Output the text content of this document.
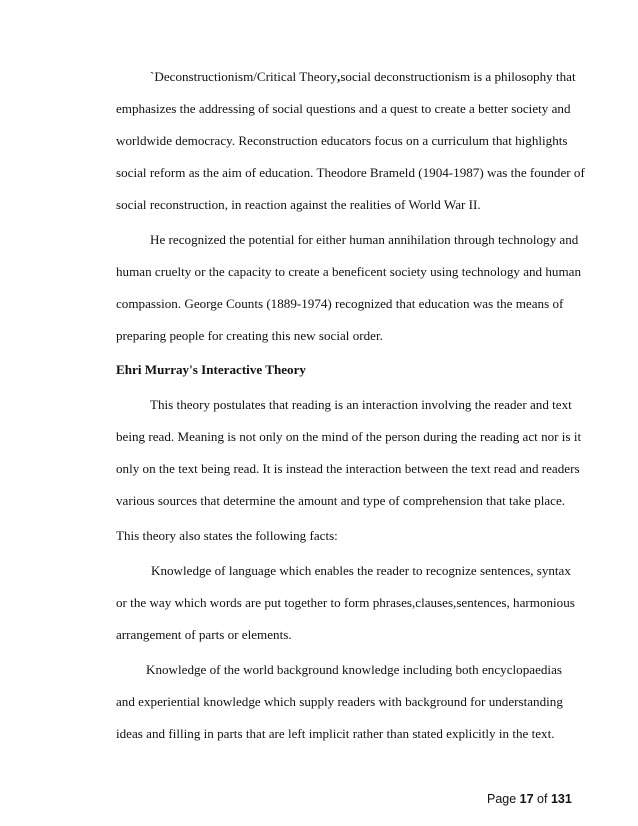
`Deconstructionism/Critical Theory,social deconstructionism is a philosophy that
emphasizes the addressing of social questions and a quest to create a better society and
worldwide democracy. Reconstruction educators focus on a curriculum that highlights
social reform as the aim of education. Theodore Brameld (1904-1987) was the founder of
social reconstruction, in reaction against the realities of World War II.
He recognized the potential for either human annihilation through technology and
human cruelty or the capacity to create a beneficent society using technology and human
compassion. George Counts (1889-1974) recognized that education was the means of
preparing people for creating this new social order.
Ehri Murray's Interactive Theory
This theory postulates that reading is an interaction involving the reader and text
being read. Meaning is not only on the mind of the person during the reading act nor is it
only on the text being read. It is instead the interaction between the text read and readers
various sources that determine the amount and type of comprehension that take place.
This theory also states the following facts:
Knowledge of language which enables the reader to recognize sentences, syntax
or the way which words are put together to form phrases,clauses,sentences, harmonious
arrangement of parts or elements.
Knowledge of the world background knowledge including both encyclopaedias
and experiential knowledge which supply readers with background for understanding
ideas and filling in parts that are left implicit rather than stated explicitly in the text.
Page 17 of 131
